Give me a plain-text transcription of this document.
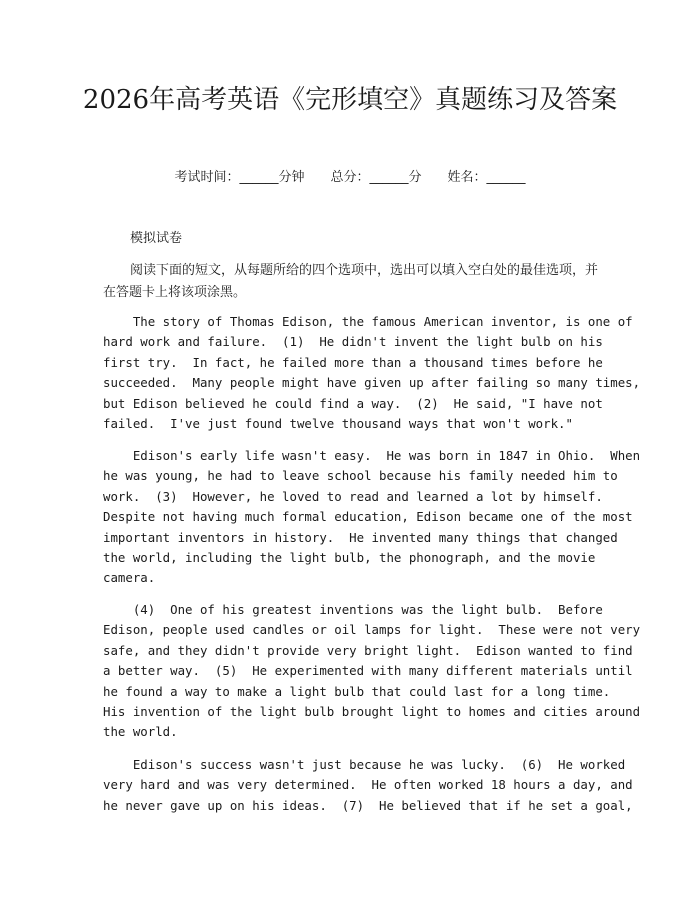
2026年高考英语《完形填空》真题练习及答案
考试时间：______分钟 总分：______分 姓名：______
模拟试卷
阅读下面的短文，从每题所给的四个选项中，选出可以填入空白处的最佳选项，并在答题卡上将该项涂黑。
The story of Thomas Edison, the famous American inventor, is one of
hard work and failure.  (1)  He didn't invent the light bulb on his
first try.  In fact, he failed more than a thousand times before he
succeeded.  Many people might have given up after failing so many times,
but Edison believed he could find a way.  (2)  He said, "I have not
failed.  I've just found twelve thousand ways that won't work."
Edison's early life wasn't easy.  He was born in 1847 in Ohio.  When
he was young, he had to leave school because his family needed him to
work.  (3)  However, he loved to read and learned a lot by himself.
Despite not having much formal education, Edison became one of the most
important inventors in history.  He invented many things that changed
the world, including the light bulb, the phonograph, and the movie
camera.
(4)  One of his greatest inventions was the light bulb.  Before
Edison, people used candles or oil lamps for light.  These were not very
safe, and they didn't provide very bright light.  Edison wanted to find
a better way.  (5)  He experimented with many different materials until
he found a way to make a light bulb that could last for a long time.
His invention of the light bulb brought light to homes and cities around
the world.
Edison's success wasn't just because he was lucky.  (6)  He worked
very hard and was very determined.  He often worked 18 hours a day, and
he never gave up on his ideas.  (7)  He believed that if he set a goal,
